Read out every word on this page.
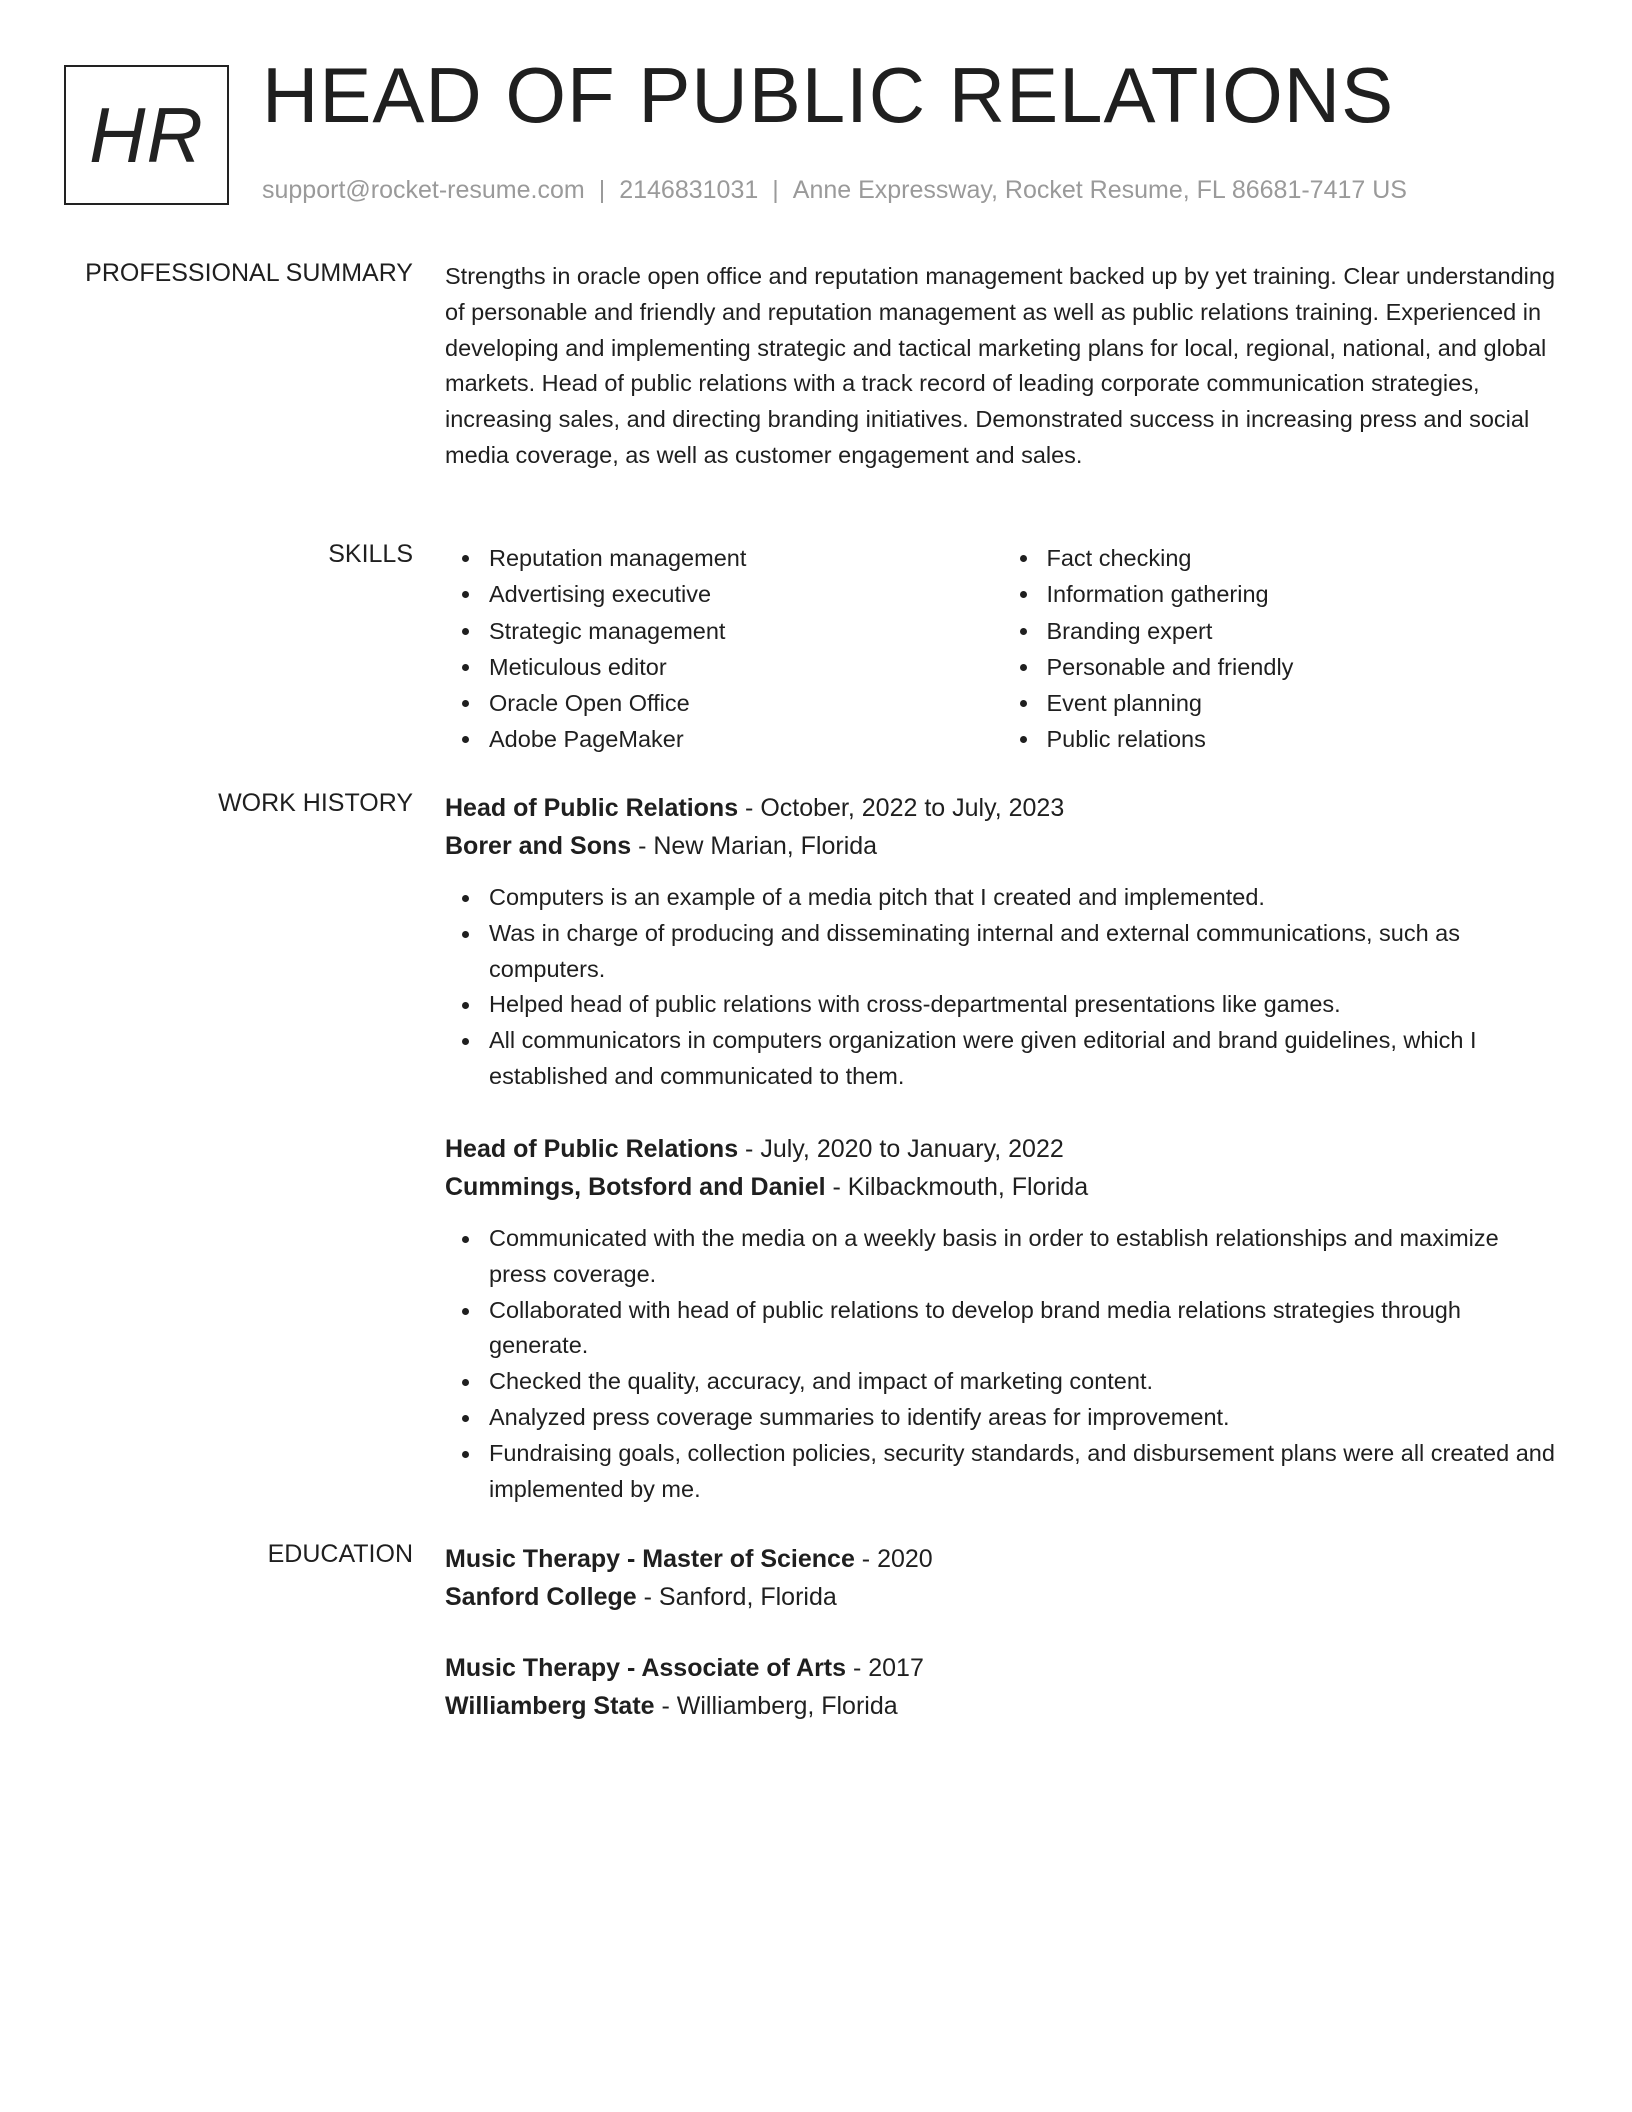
HR HEAD OF PUBLIC RELATIONS
support@rocket-resume.com | 2146831031 | Anne Expressway, Rocket Resume, FL 86681-7417 US
PROFESSIONAL SUMMARY Strengths in oracle open office and reputation management backed up by yet training. Clear understanding of personable and friendly and reputation management as well as public relations training. Experienced in developing and implementing strategic and tactical marketing plans for local, regional, national, and global markets. Head of public relations with a track record of leading corporate communication strategies, increasing sales, and directing branding initiatives. Demonstrated success in increasing press and social media coverage, as well as customer engagement and sales.

SKILLS	Reputation management
Advertising executive
Strategic management
Meticulous editor
Oracle Open Office
Adobe PageMaker
Fact checking
Information gathering
Branding expert
Personable and friendly
Event planning
Public relations
WORK HISTORY Head of Public Relations - October, 2022 to July, 2023
Borer and Sons - New Marian, Florida
Computers is an example of a media pitch that I created and implemented.
Was in charge of producing and disseminating internal and external communications, such as computers.
Helped head of public relations with cross-departmental presentations like games.
All communicators in computers organization were given editorial and brand guidelines, which I established and communicated to them.
Head of Public Relations - July, 2020 to January, 2022
Cummings, Botsford and Daniel - Kilbackmouth, Florida
Communicated with the media on a weekly basis in order to establish relationships and maximize press coverage.
Collaborated with head of public relations to develop brand media relations strategies through generate.
Checked the quality, accuracy, and impact of marketing content.
Analyzed press coverage summaries to identify areas for improvement.
Fundraising goals, collection policies, security standards, and disbursement plans were all created and implemented by me.
EDUCATION Music Therapy - Master of Science - 2020
Sanford College - Sanford, Florida
Music Therapy - Associate of Arts - 2017
Williamberg State - Williamberg, Florida
